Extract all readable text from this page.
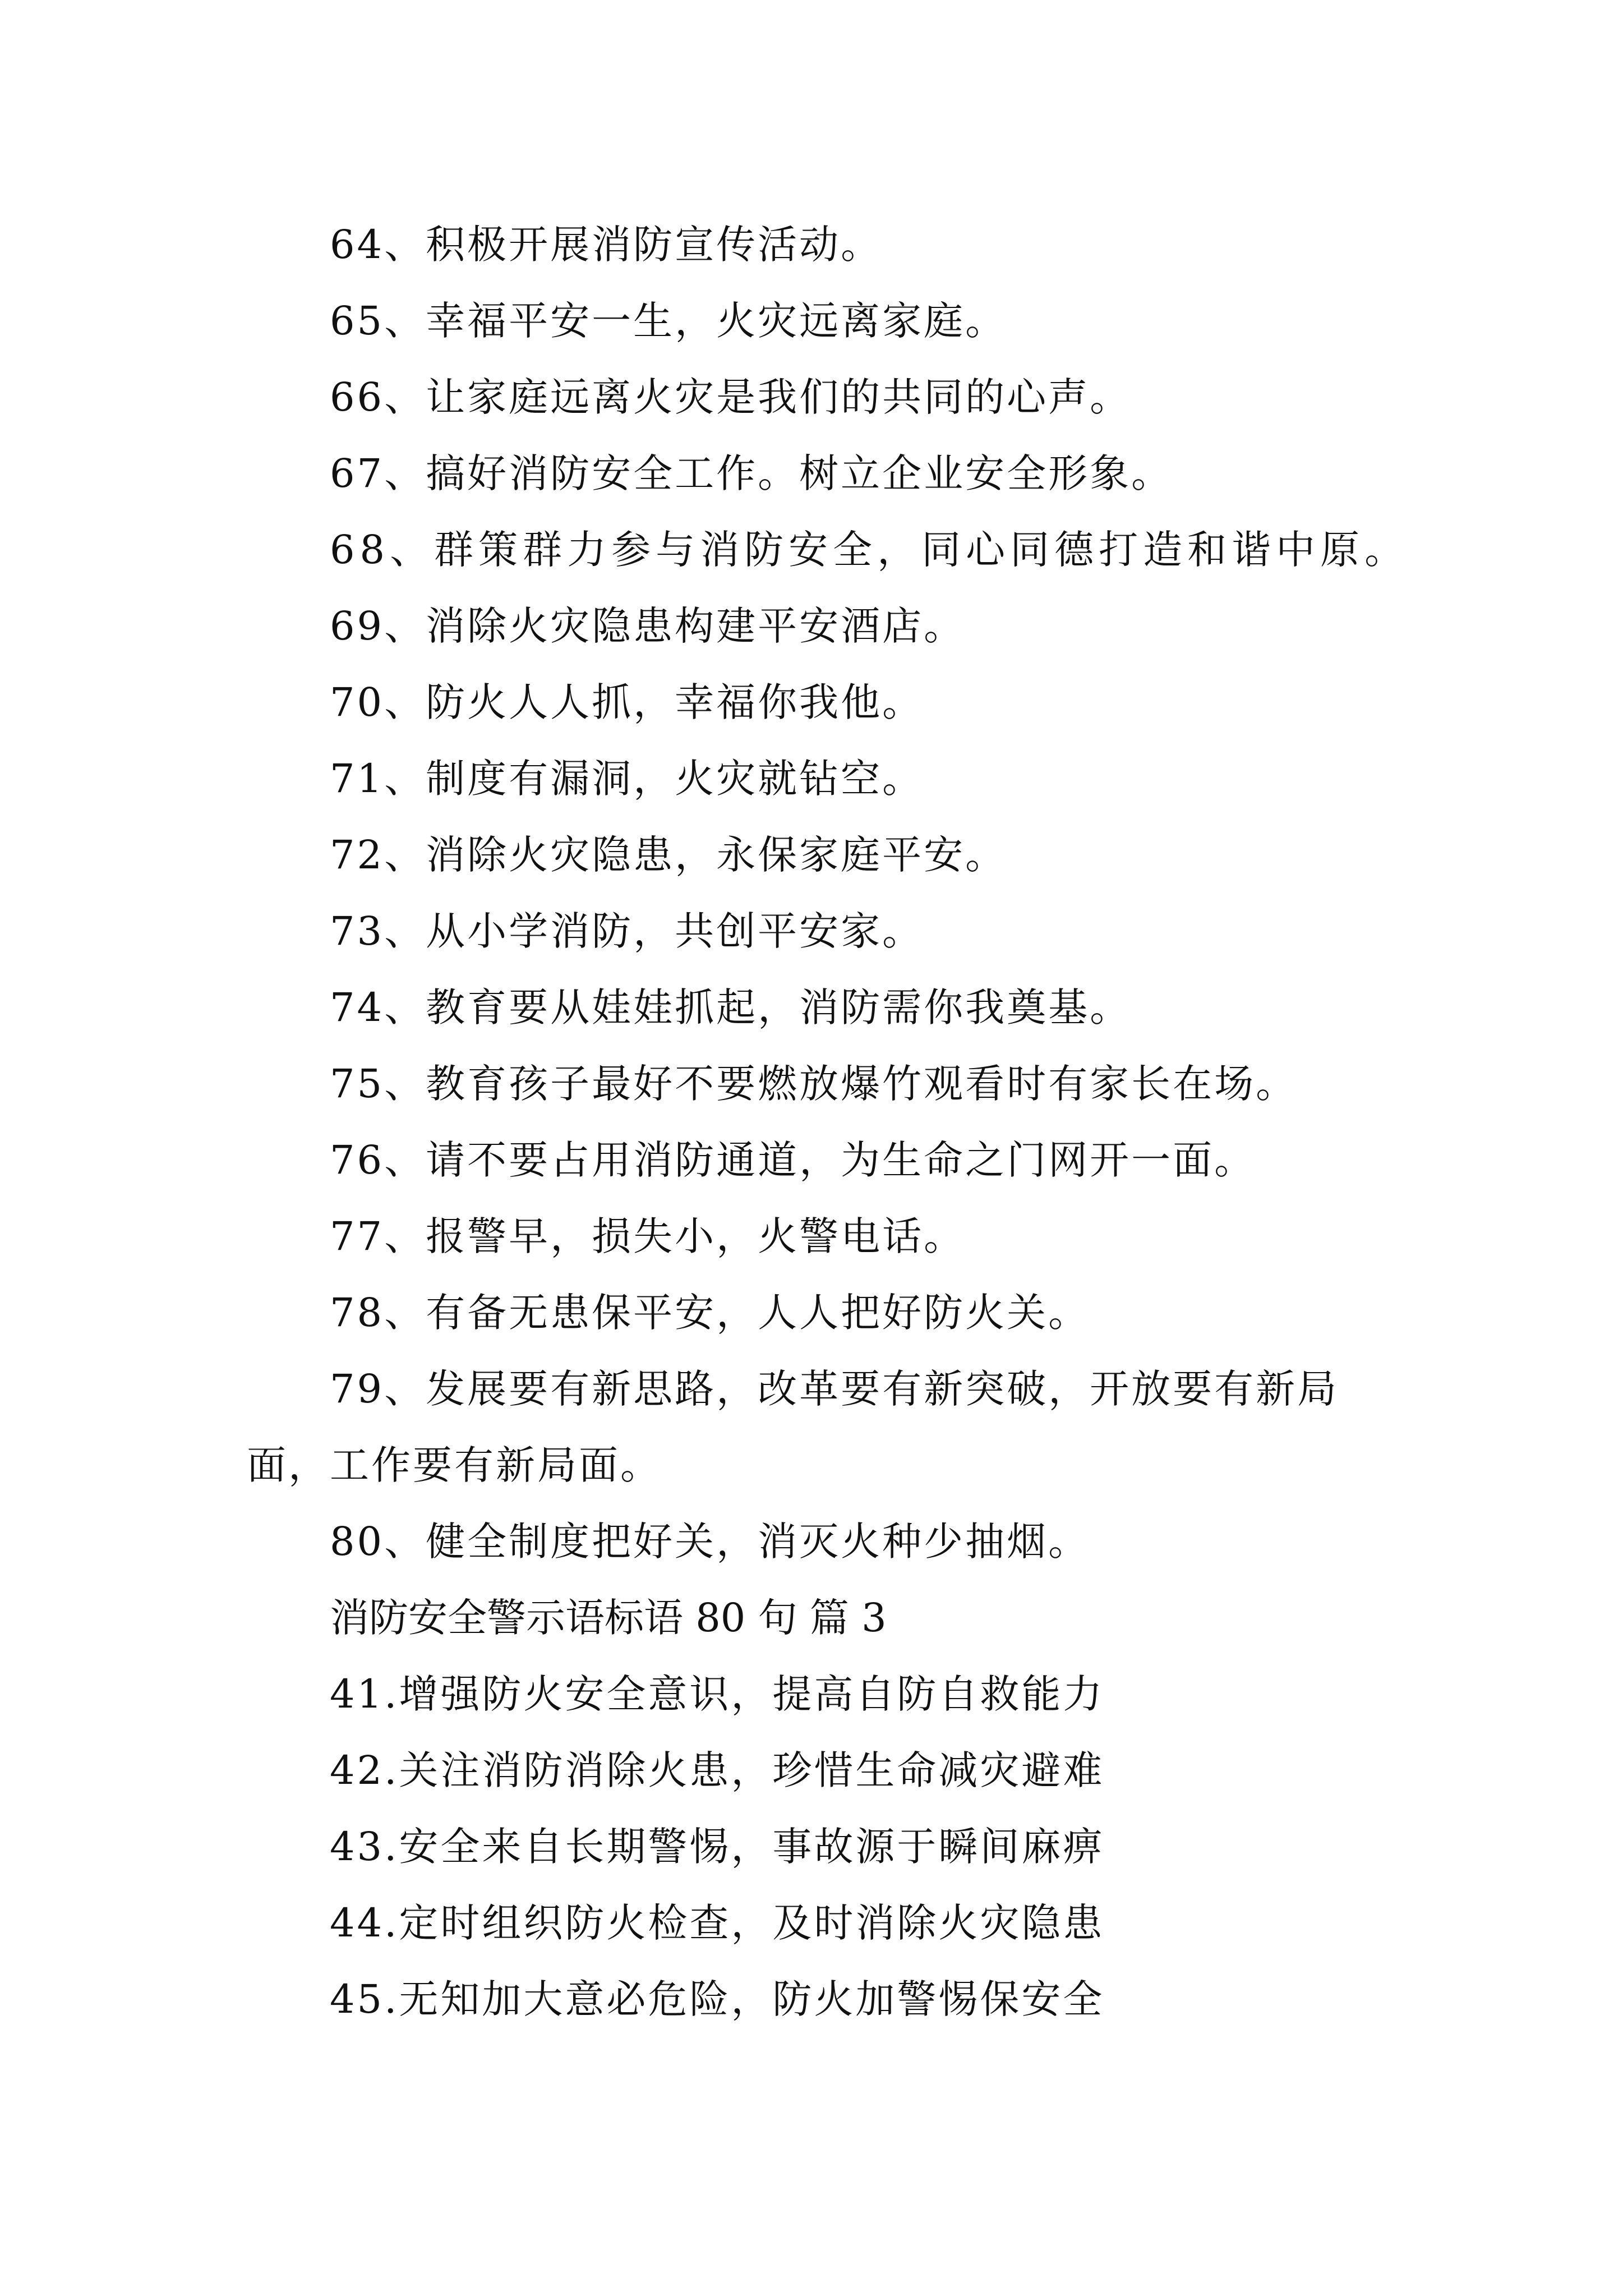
64、积极开展消防宣传活动。
65、幸福平安一生，火灾远离家庭。
66、让家庭远离火灾是我们的共同的心声。
67、搞好消防安全工作。树立企业安全形象。
68、群策群力参与消防安全，同心同德打造和谐中原。
69、消除火灾隐患构建平安酒店。
70、防火人人抓，幸福你我他。
71、制度有漏洞，火灾就钻空。
72、消除火灾隐患，永保家庭平安。
73、从小学消防，共创平安家。
74、教育要从娃娃抓起，消防需你我奠基。
75、教育孩子最好不要燃放爆竹观看时有家长在场。
76、请不要占用消防通道，为生命之门网开一面。
77、报警早，损失小，火警电话。
78、有备无患保平安，人人把好防火关。
79、发展要有新思路，改革要有新突破，开放要有新局
面，工作要有新局面。
80、健全制度把好关，消灭火种少抽烟。
消防安全警示语标语 80 句 篇 3
41.增强防火安全意识，提高自防自救能力
42.关注消防消除火患，珍惜生命减灾避难
43.安全来自长期警惕，事故源于瞬间麻痹
44.定时组织防火检查，及时消除火灾隐患
45.无知加大意必危险，防火加警惕保安全
